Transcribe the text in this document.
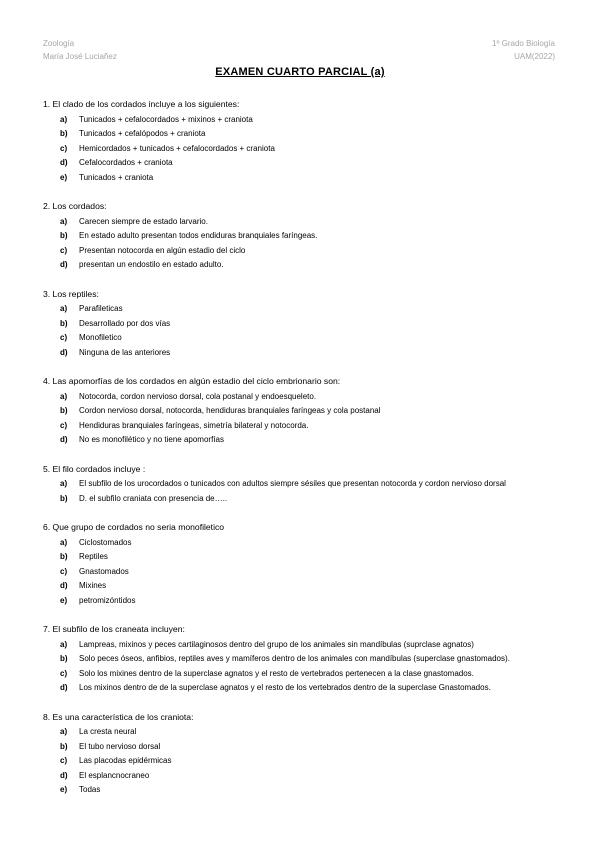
Zoología
María José Luciañez
1º Grado Biología
UAM(2022)
EXAMEN CUARTO PARCIAL (a)
1. El clado de los cordados incluye a los siguientes:
a) Tunicados + cefalocordados + mixinos + craniota
b) Tunicados + cefalópodos + craniota
c) Hemicordados + tunicados + cefalocordados + craniota
d) Cefalocordados + craniota
e) Tunicados + craniota
2. Los cordados:
a) Carecen siempre de estado larvario.
b) En estado adulto presentan todos endiduras branquiales faríngeas.
c) Presentan notocorda en algún estadio del ciclo
d) presentan un endostilo en estado adulto.
3. Los reptiles:
a) Parafileticas
b) Desarrollado por dos vías
c) Monofiletico
d) Ninguna de las anteriores
4. Las apomorfías de los cordados en algún estadio del ciclo embrionario son:
a) Notocorda, cordon nervioso dorsal, cola postanal y endoesqueleto.
b) Cordon nervioso dorsal, notocorda, hendiduras branquiales faríngeas y cola postanal
c) Hendiduras branquiales faríngeas, simetría bilateral y notocorda.
d) No es monofilético y no tiene apomorfías
5. El filo cordados incluye :
a) El subfilo de los urocordados o tunicados con adultos siempre sésiles que presentan notocorda y cordon nervioso dorsal
b) D. el subfilo craniata con presencia de…..
6. Que grupo de cordados no seria monofiletico
a) Ciclostomados
b) Reptiles
c) Gnastomados
d) Mixines
e) petromizóntidos
7. El subfilo de los craneata incluyen:
a) Lampreas, mixinos y peces cartilaginosos dentro del grupo de los animales sin mandíbulas (suprclase agnatos)
b) Solo peces óseos, anfibios, reptiles aves y mamíferos dentro de los animales con mandíbulas (superclase gnastomados).
c) Solo los mixines dentro de la superclase agnatos y el resto de vertebrados pertenecen a la clase gnastomados.
d) Los mixinos dentro de de la superclase agnatos y el resto de los vertebrados dentro de la superclase Gnastomados.
8. Es una característica de los craniota:
a) La cresta neural
b) El tubo nervioso dorsal
c) Las placodas epidérmicas
d) El esplancnocraneo
e) Todas
